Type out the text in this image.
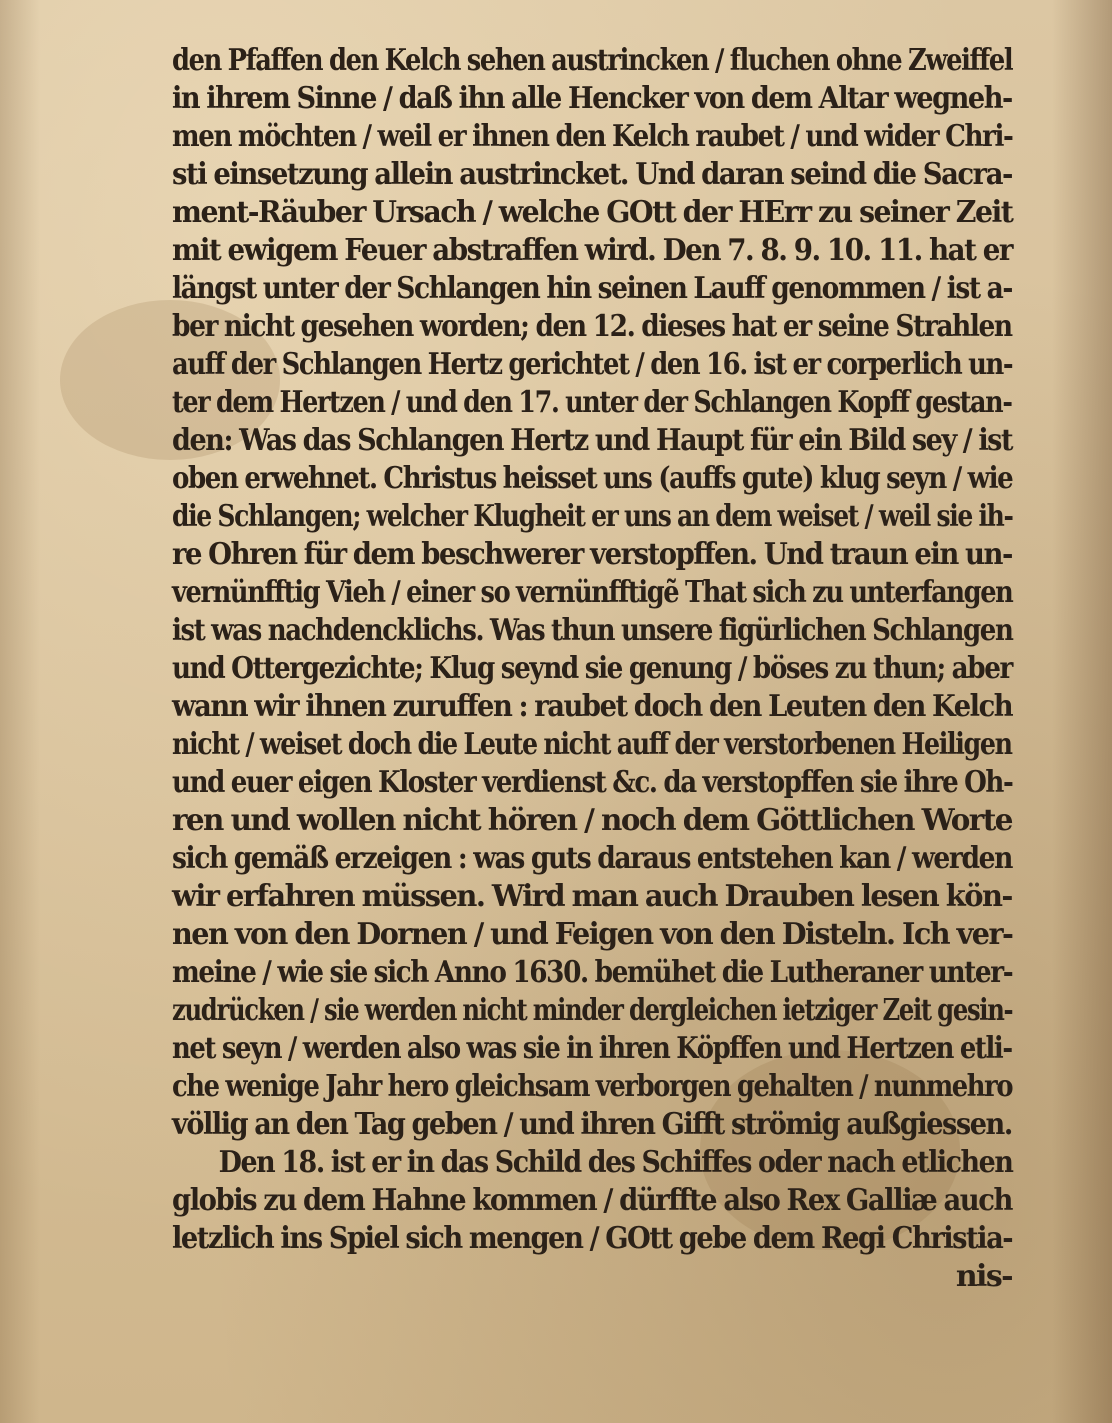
den Pfaffen den Kelch sehen austrincken / fluchen ohne Zweiffel
in ihrem Sinne / daß ihn alle Hencker von dem Altar wegneh-
men möchten / weil er ihnen den Kelch raubet / und wider Chri-
sti einsetzung allein austrincket. Und daran seind die Sacra-
ment-Räuber Ursach / welche GOtt der HErr zu seiner Zeit
mit ewigem Feuer abstraffen wird. Den 7. 8. 9. 10. 11. hat er
längst unter der Schlangen hin seinen Lauff genommen / ist a-
ber nicht gesehen worden; den 12. dieses hat er seine Strahlen
auff der Schlangen Hertz gerichtet / den 16. ist er corperlich un-
ter dem Hertzen / und den 17. unter der Schlangen Kopff gestan-
den: Was das Schlangen Hertz und Haupt für ein Bild sey / ist
oben erwehnet. Christus heisset uns (auffs gute) klug seyn / wie
die Schlangen; welcher Klugheit er uns an dem weiset / weil sie ih-
re Ohren für dem beschwerer verstopffen. Und traun ein un-
vernünfftig Vieh / einer so vernünfftigẽ That sich zu unterfangen
ist was nachdencklichs. Was thun unsere figürlichen Schlangen
und Ottergezichte; Klug seynd sie genung / böses zu thun; aber
wann wir ihnen zuruffen : raubet doch den Leuten den Kelch
nicht / weiset doch die Leute nicht auff der verstorbenen Heiligen
und euer eigen Kloster verdienst &c. da verstopffen sie ihre Oh-
ren und wollen nicht hören / noch dem Göttlichen Worte
sich gemäß erzeigen : was guts daraus entstehen kan / werden
wir erfahren müssen. Wird man auch Drauben lesen kön-
nen von den Dornen / und Feigen von den Disteln. Ich ver-
meine / wie sie sich Anno 1630. bemühet die Lutheraner unter-
zudrücken / sie werden nicht minder dergleichen ietziger Zeit gesin-
net seyn / werden also was sie in ihren Köpffen und Hertzen etli-
che wenige Jahr hero gleichsam verborgen gehalten / nunmehro
völlig an den Tag geben / und ihren Gifft strömig außgiessen.
Den 18. ist er in das Schild des Schiffes oder nach etlichen
globis zu dem Hahne kommen / dürffte also Rex Galliæ auch
letzlich ins Spiel sich mengen / GOtt gebe dem Regi Christia-
nis-
